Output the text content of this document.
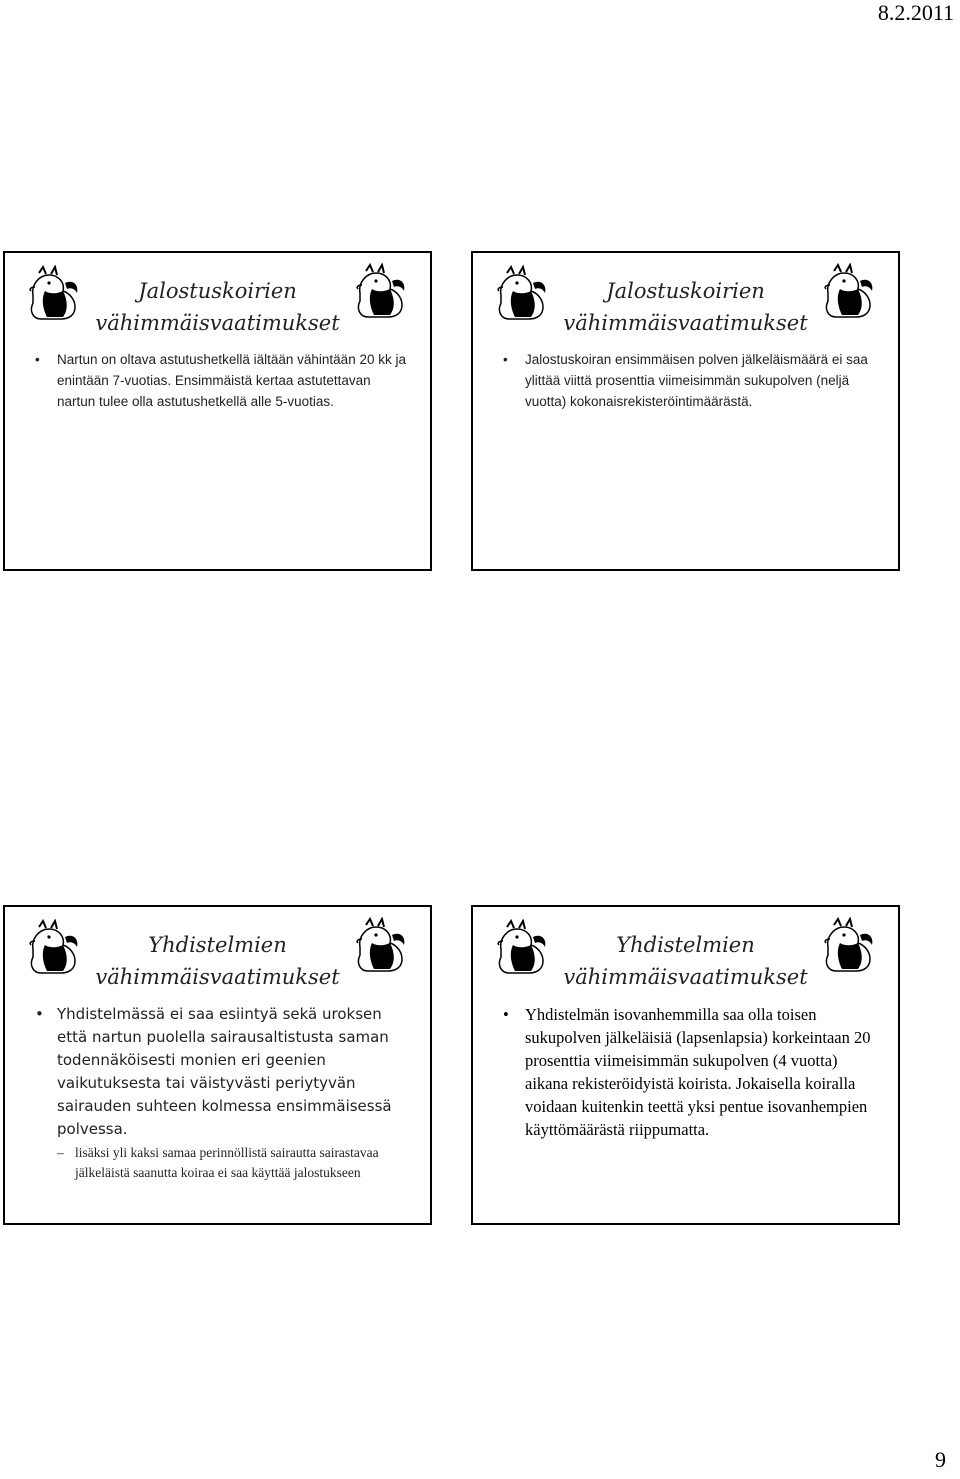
8.2.2011
Jalostuskoirien
vähimmäisvaatimukset
• Nartun on oltava astutushetkellä iältään vähintään 20 kk ja enintään 7-vuotias. Ensimmäistä kertaa astutettavan nartun tulee olla astutushetkellä alle 5-vuotias.
Jalostuskoirien
vähimmäisvaatimukset
• Jalostuskoiran ensimmäisen polven jälkeläismäärä ei saa ylittää viittä prosenttia viimeisimmän sukupolven (neljä vuotta) kokonaisrekisteröintimäärästä.
Yhdistelmien
vähimmäisvaatimukset
• Yhdistelmässä ei saa esiintyä sekä uroksen että nartun puolella sairausaltistusta saman todennäköisesti monien eri geenien vaikutuksesta tai väistyvästi periytyvän sairauden suhteen kolmessa ensimmäisessä polvessa.
– lisäksi yli kaksi samaa perinnöllistä sairautta sairastavaa jälkeläistä saanutta koiraa ei saa käyttää jalostukseen
Yhdistelmien
vähimmäisvaatimukset
• Yhdistelmän isovanhemmilla saa olla toisen sukupolven jälkeläisiä (lapsenlapsia) korkeintaan 20 prosenttia viimeisimmän sukupolven (4 vuotta) aikana rekisteröidyistä koirista. Jokaisella koiralla voidaan kuitenkin teettä yksi pentue isovanhempien käyttömäärästä riippumatta.
9
